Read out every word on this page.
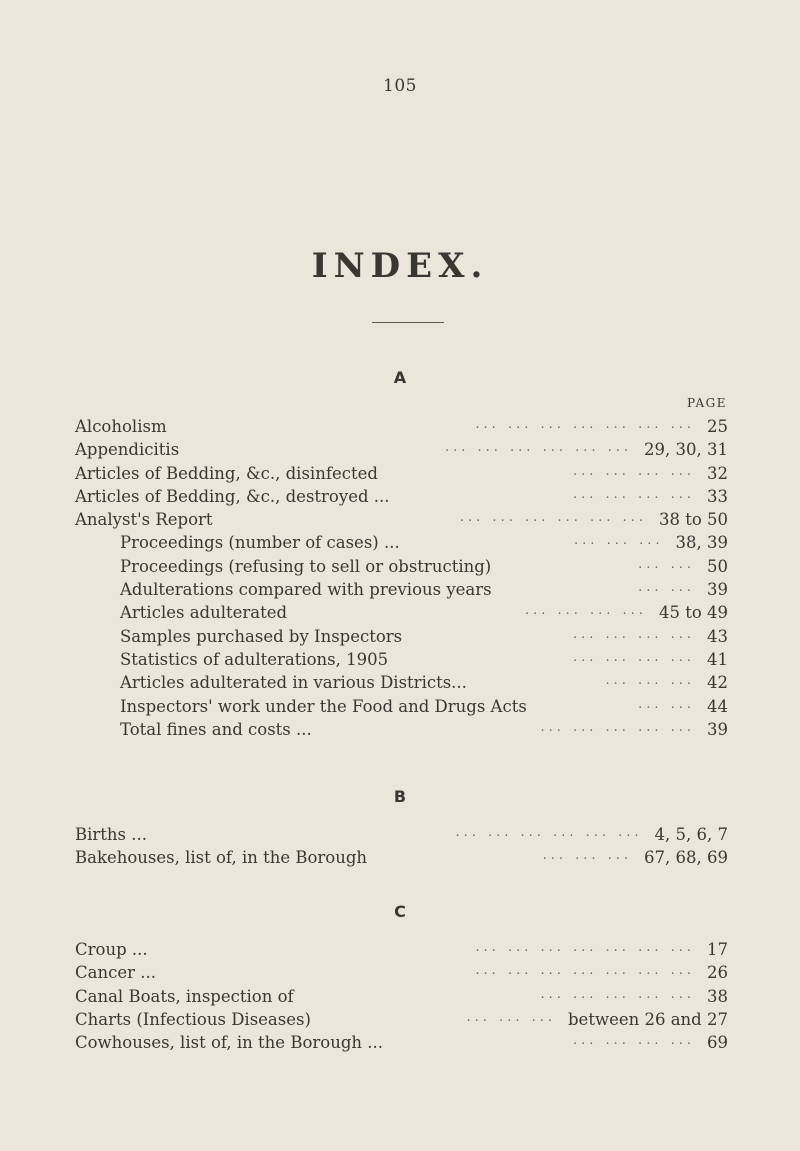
105
INDEX.
A
PAGE
Alcoholism	... ... ... ... ... ... ... 25
Appendicitis	... ... ... ... ... ... 29, 30, 31
Articles of Bedding, &c., disinfected	... ... ... ... 32
Articles of Bedding, &c., destroyed ...	... ... ... ... 33
Analyst's Report	... ... ... ... ... ... 38 to 50
Proceedings (number of cases) ...	... ... ... 38, 39
Proceedings (refusing to sell or obstructing)	... ... 50
Adulterations compared with previous years	... ... 39
Articles adulterated	... ... ... ... 45 to 49
Samples purchased by Inspectors	... ... ... ... 43
Statistics of adulterations, 1905	... ... ... ... 41
Articles adulterated in various Districts...	... ... ... 42
Inspectors' work under the Food and Drugs Acts	... ... 44
Total fines and costs ...	... ... ... ... ... 39
B
Births ...	... ... ... ... ... ... 4, 5, 6, 7
Bakehouses, list of, in the Borough	... ... ... 67, 68, 69
C
Croup ...	... ... ... ... ... ... ... 17
Cancer ...	... ... ... ... ... ... ... 26
Canal Boats, inspection of	... ... ... ... ... 38
Charts (Infectious Diseases)	... ... ... between 26 and 27
Cowhouses, list of, in the Borough ...	... ... ... ... 69
